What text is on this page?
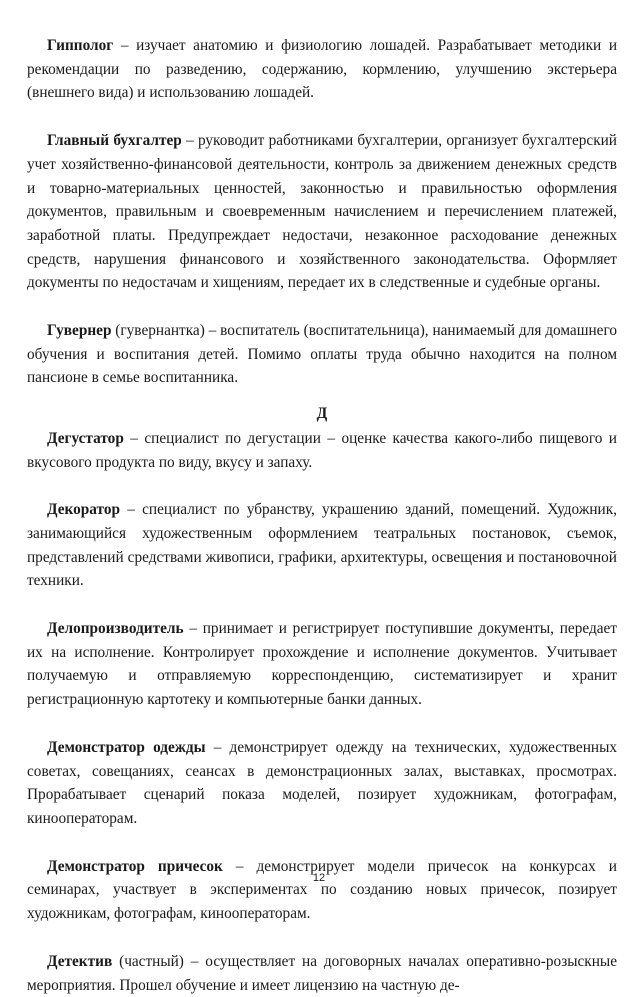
Гипполог – изучает анатомию и физиологию лошадей. Разрабатывает методики и рекомендации по разведению, содержанию, кормлению, улучшению экстерьера (внешнего вида) и использованию лошадей.

Главный бухгалтер – руководит работниками бухгалтерии, организует бухгалтерский учет хозяйственно-финансовой деятельности, контроль за движением денежных средств и товарно-материальных ценностей, законностью и правильностью оформления документов, правильным и своевременным начислением и перечислением платежей, заработной платы. Предупреждает недостачи, незаконное расходование денежных средств, нарушения финансового и хозяйственного законодательства. Оформляет документы по недостачам и хищениям, передает их в следственные и судебные органы.

Гувернер (гувернантка) – воспитатель (воспитательница), нанимаемый для домашнего обучения и воспитания детей. Помимо оплаты труда обычно находится на полном пансионе в семье воспитанника.

Д

Дегустатор – специалист по дегустации – оценке качества какого-либо пищевого и вкусового продукта по виду, вкусу и запаху.

Декоратор – специалист по убранству, украшению зданий, помещений. Художник, занимающийся художественным оформлением театральных постановок, съемок, представлений средствами живописи, графики, архитектуры, освещения и постановочной техники.

Делопроизводитель – принимает и регистрирует поступившие документы, передает их на исполнение. Контролирует прохождение и исполнение документов. Учитывает получаемую и отправляемую корреспонденцию, систематизирует и хранит регистрационную картотеку и компьютерные банки данных.

Демонстратор одежды – демонстрирует одежду на технических, художественных советах, совещаниях, сеансах в демонстрационных залах, выставках, просмотрах. Прорабатывает сценарий показа моделей, позирует художникам, фотографам, кинооператорам.

Демонстратор причесок – демонстрирует модели причесок на конкурсах и семинарах, участвует в экспериментах по созданию новых причесок, позирует художникам, фотографам, кинооператорам.

Детектив (частный) – осуществляет на договорных началах оперативно-розыскные мероприятия. Прошел обучение и имеет лицензию на частную де-

12
